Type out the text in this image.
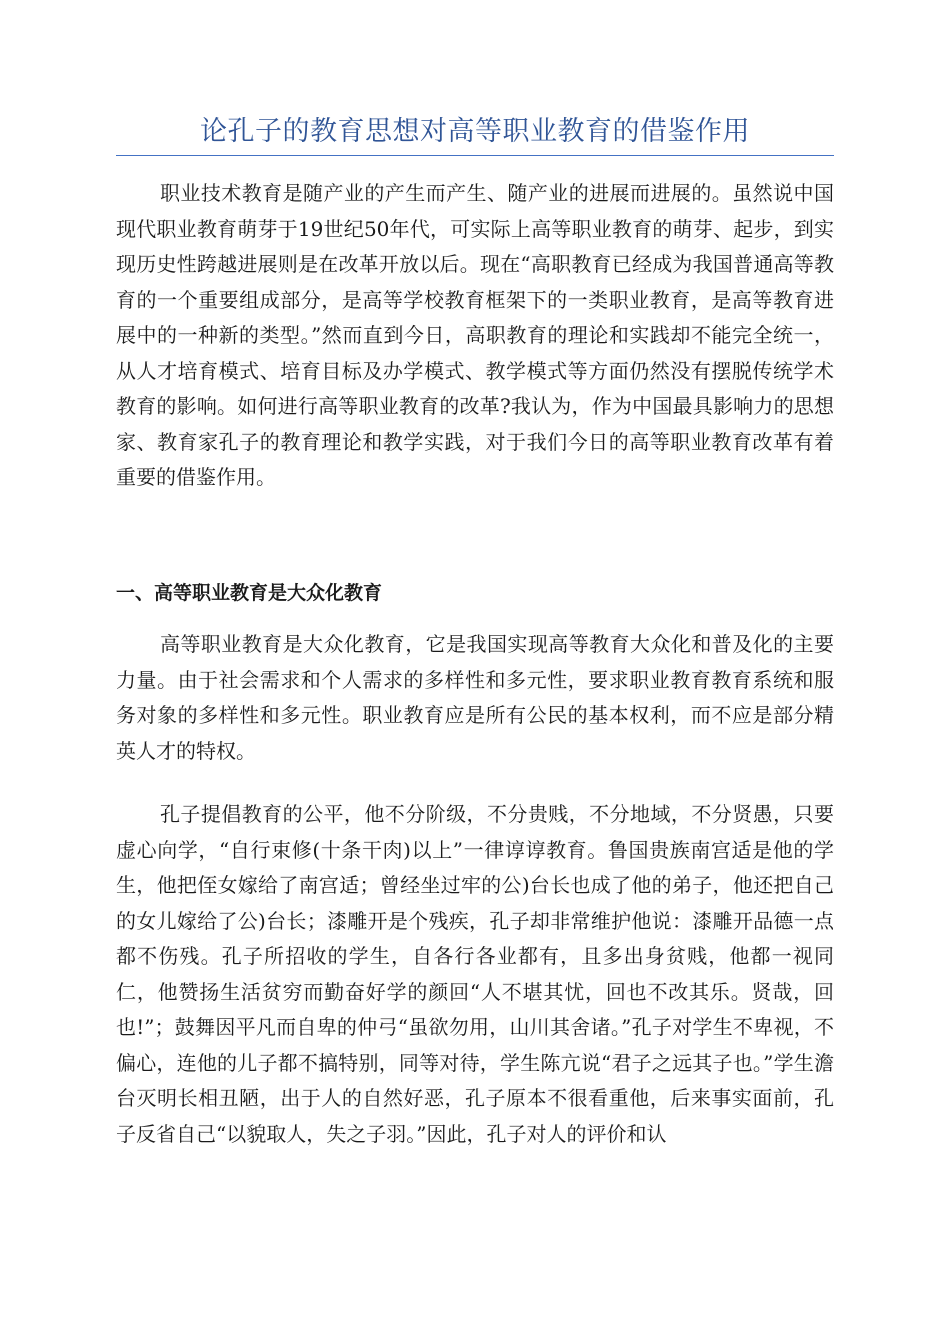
论孔子的教育思想对高等职业教育的借鉴作用

职业技术教育是随产业的产生而产生、随产业的进展而进展的。虽然说中国现代职业教育萌芽于19世纪50年代，可实际上高等职业教育的萌芽、起步，到实现历史性跨越进展则是在改革开放以后。现在“高职教育已经成为我国普通高等教育的一个重要组成部分，是高等学校教育框架下的一类职业教育，是高等教育进展中的一种新的类型。”然而直到今日，高职教育的理论和实践却不能完全统一，从人才培育模式、培育目标及办学模式、教学模式等方面仍然没有摆脱传统学术教育的影响。如何进行高等职业教育的改革?我认为，作为中国最具影响力的思想家、教育家孔子的教育理论和教学实践，对于我们今日的高等职业教育改革有着重要的借鉴作用。

一、高等职业教育是大众化教育

高等职业教育是大众化教育，它是我国实现高等教育大众化和普及化的主要力量。由于社会需求和个人需求的多样性和多元性，要求职业教育教育系统和服务对象的多样性和多元性。职业教育应是所有公民的基本权利，而不应是部分精英人才的特权。

孔子提倡教育的公平，他不分阶级，不分贵贱，不分地域，不分贤愚，只要虚心向学，“自行束修(十条干肉)以上”一律谆谆教育。鲁国贵族南宫适是他的学生，他把侄女嫁给了南宫适；曾经坐过牢的公)台长也成了他的弟子，他还把自己的女儿嫁给了公)台长；漆雕开是个残疾，孔子却非常维护他说：漆雕开品德一点都不伤残。孔子所招收的学生，自各行各业都有，且多出身贫贱，他都一视同仁，他赞扬生活贫穷而勤奋好学的颜回“人不堪其忧，回也不改其乐。贤哉，回也!”；鼓舞因平凡而自卑的仲弓“虽欲勿用，山川其舍诸。”孔子对学生不卑视，不偏心，连他的儿子都不搞特别，同等对待，学生陈亢说“君子之远其子也。”学生澹台灭明长相丑陋，出于人的自然好恶，孔子原本不很看重他，后来事实面前，孔子反省自己“以貌取人，失之子羽。”因此，孔子对人的评价和认
